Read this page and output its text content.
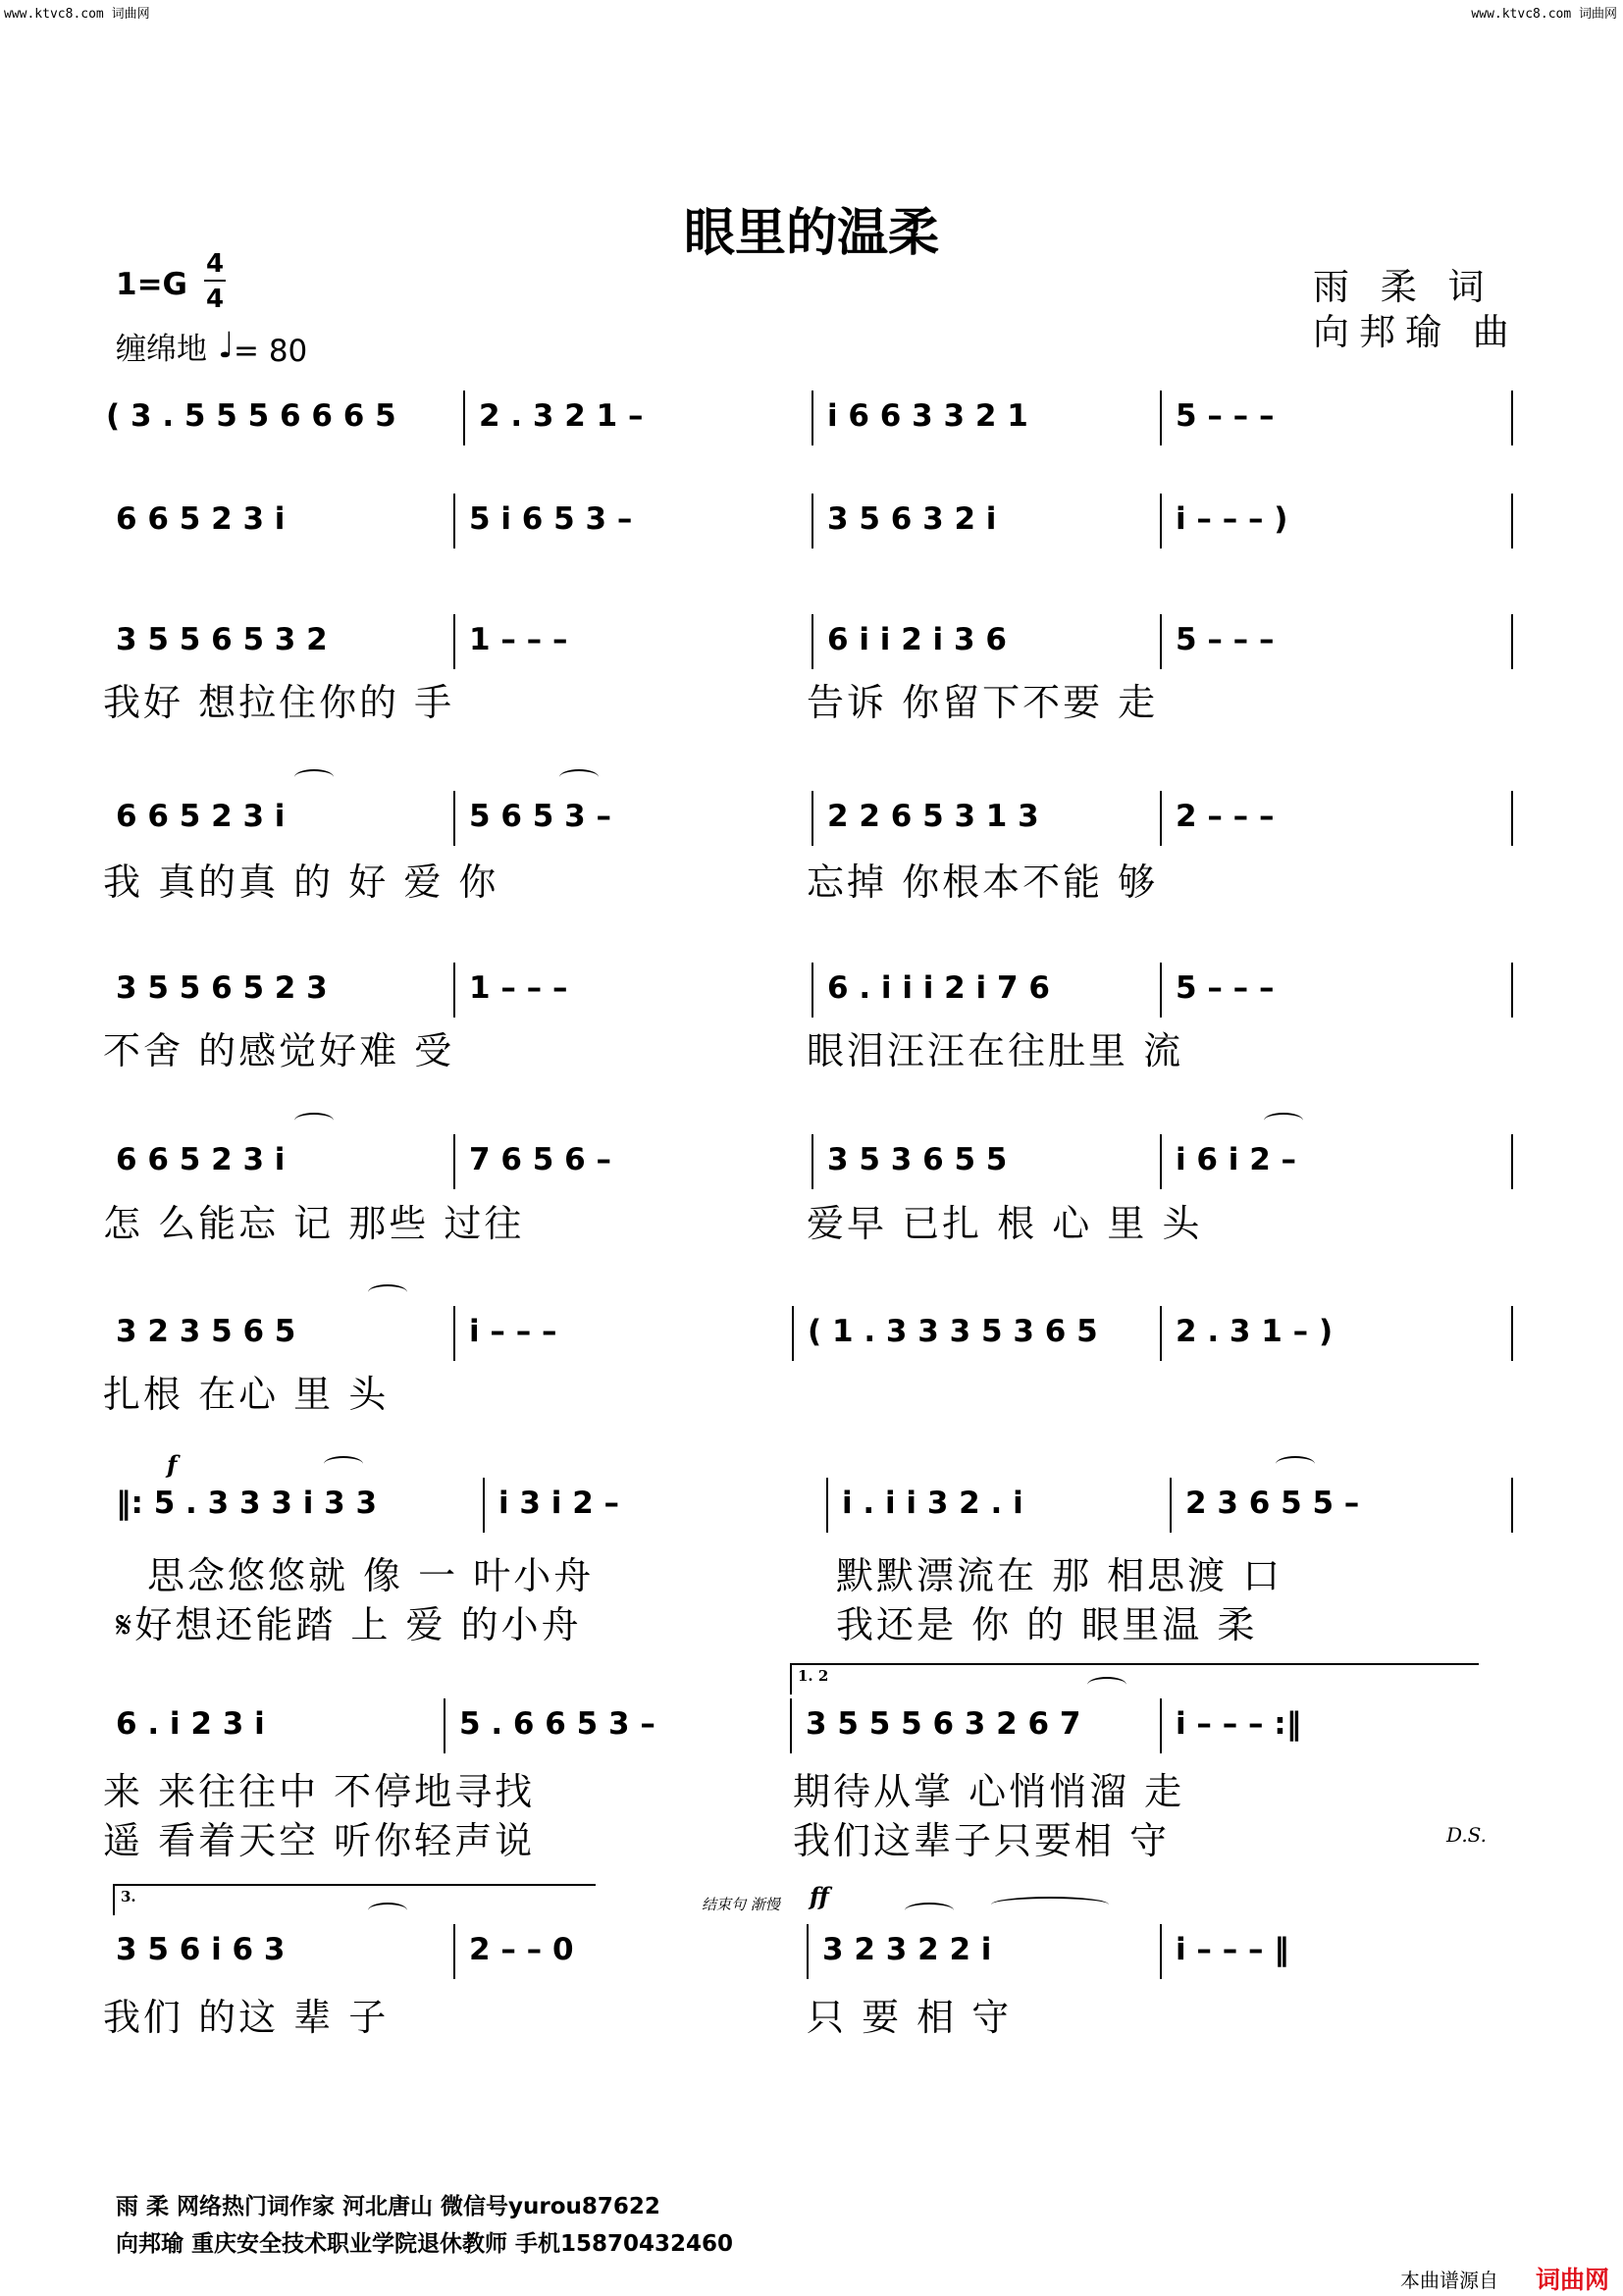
www.ktvc8.com 词曲网	www.ktvc8.com 词曲网
眼里的温柔
1=G
4
4
缠绵地 ♩ = 80
雨 柔 词
向邦瑜 曲
( 3 . 5 5 5 6 6 6 5	2 . 3 2 1 –	i 6 6 3 3 2 1	5 – – –
6 6 5 2 3 i	5 i 6 5 3 –	3 5 6 3 2 i	i – – – )
3 5 5 6 5 3 2	1 – – –	6 i i 2 i 3 6	5 – – –
我好 想拉住你的 手	告诉 你留下不要 走
6 6 5 2 3 i	5 6 5 3 –	2 2 6 5 3 1 3	2 – – –
我 真的真 的 好 爱 你	忘掉 你根本不能 够
3 5 5 6 5 2 3	1 – – –	6 . i i i 2 i 7 6	5 – – –
不舍 的感觉好难 受	眼泪汪汪在往肚里 流
6 6 5 2 3 i	7 6 5 6 –	3 5 3 6 5 5	i 6 i 2 –
怎 么能忘 记 那些 过往	爱早 已扎 根 心 里 头
3 2 3 5 6 5	i – – –	( 1 . 3 3 3 5 3 6 5	2 . 3 1 – )
扎根 在心 里 头
f
‖: 5 . 3 3 3 i 3 3	i 3 i 2 –	i . i i 3 2 . i	2 3 6 5 5 –
思念悠悠就 像 一 叶小舟	默默漂流在 那 相思渡 口
𝄋好想还能踏 上 爱 的小舟	我还是 你 的 眼里温 柔
1. 2
6 . i 2 3 i	5 . 6 6 5 3 –	3 5 5 5 6 3 2 6 7	i – – – :‖
来 来往往中 不停地寻找	期待从掌 心悄悄溜 走
遥 看着天空 听你轻声说	我们这辈子只要相 守	D.S.
3.	结束句 渐慢 ff
3 5 6 i 6 3	2 – – 0	3 2 3 2 2 i	i – – – ‖
我们 的这 辈 子	只 要 相 守
雨 柔 网络热门词作家 河北唐山 微信号yurou87622
向邦瑜 重庆安全技术职业学院退休教师 手机15870432460
本曲谱源自 词曲网
